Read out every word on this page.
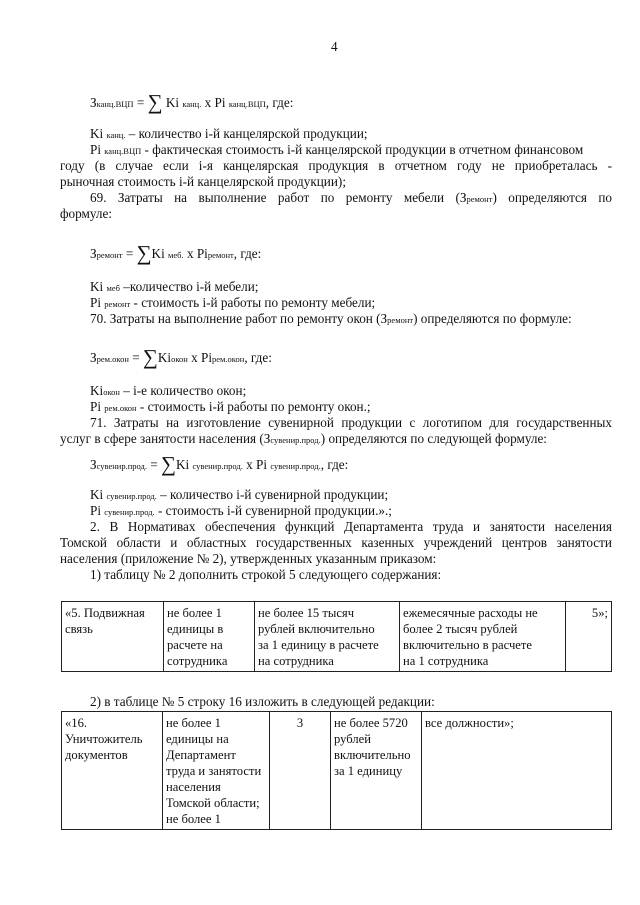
4
Зканц.ВЦП = ∑ Ki канц. x Pi канц.ВЦП, где:
Ki канц. – количество i-й канцелярской продукции;
Pi канц.ВЦП - фактическая стоимость i-й канцелярской продукции в отчетном финансовом
году (в случае если i-я канцелярская продукция в отчетном году не приобреталась -
рыночная стоимость i-й канцелярской продукции);
69. Затраты на выполнение работ по ремонту мебели (Зремонт) определяются по
формуле:
Зремонт = ∑Ki меб. x Piремонт, где:
Ki меб –количество i-й мебели;
Pi ремонт - стоимость i-й работы по ремонту мебели;
70. Затраты на выполнение работ по ремонту окон (Зремонт) определяются по формуле:
Зрем.окон = ∑Kiокон x Piрем.окон, где:
Kiокон – i-е количество окон;
Pi рем.окон - стоимость i-й работы по ремонту окон.;
71. Затраты на изготовление сувенирной продукции с логотипом для государственных
услуг в сфере занятости населения (Зсувенир.прод.) определяются по следующей формуле:
Зсувенир.прод. = ∑Ki сувенир.прод. x Pi сувенир.прод., где:
Ki сувенир.прод. – количество i-й сувенирной продукции;
Pi сувенир.прод. - стоимость i-й сувенирной продукции.».;
2. В Нормативах обеспечения функций Департамента труда и занятости населения
Томской области и областных государственных казенных учреждений центров занятости
населения (приложение № 2), утвержденных указанным приказом:
1) таблицу № 2 дополнить строкой 5 следующего содержания:
«5. Подвижная
связь

не более 1
единицы в
расчете на
сотрудника

не более 15 тысяч
рублей включительно
за 1 единицу в расчете
на сотрудника

ежемесячные расходы не
более 2 тысяч рублей
включительно в расчете
на 1 сотрудника

5»;
2) в таблице № 5 строку 16 изложить в следующей редакции:
«16.
Уничтожитель
документов

не более 1
единицы на
Департамент
труда и занятости
населения
Томской области;
не более 1

3	не более 5720
рублей
включительно
за 1 единицу

все должности»;
